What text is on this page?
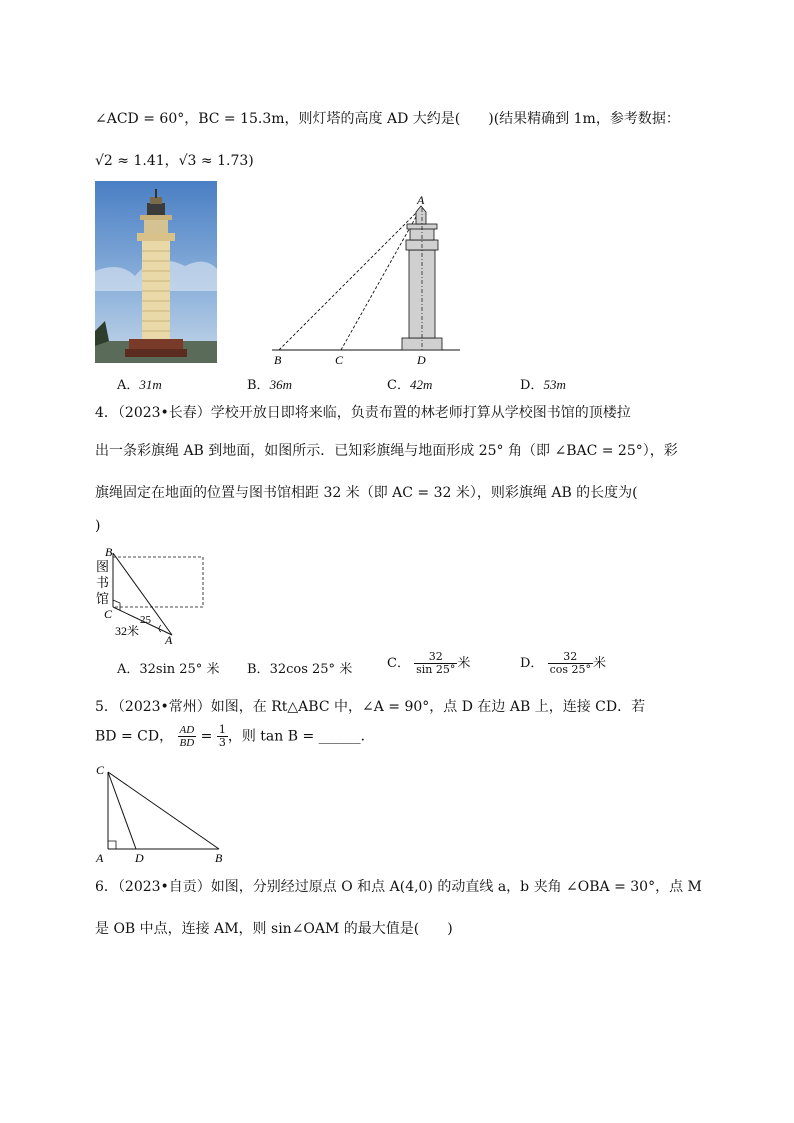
∠ACD = 60°，BC = 15.3m，则灯塔的高度 AD 大约是(　　)(结果精确到 1m，参考数据：
√2 ≈ 1.41，√3 ≈ 1.73)
A
B	C	D
A．31m	B．36m	C．42m	D．53m
4．（2023•长春）学校开放日即将来临，负责布置的林老师打算从学校图书馆的顶楼拉
出一条彩旗绳 AB 到地面，如图所示．已知彩旗绳与地面形成 25° 角（即 ∠BAC = 25°），彩
旗绳固定在地面的位置与图书馆相距 32 米（即 AC = 32 米），则彩旗绳 AB 的长度为(
)
B
图
书
馆
C
32米
25
A
A．32sin 25° 米 B．32cos 25° 米	C． $\frac{32}{\sin 25^\circ}$ 米	D． $\frac{32}{\cos 25^\circ}$ 米
5．（2023•常州）如图，在 Rt△ABC 中，∠A = 90°，点 D 在边 AB 上，连接 CD．若
BD = CD， $\frac{AD}{BD} = \frac{1}{3}$ ，则 tan B = ______．
C
A	D	B
6．（2023•自贡）如图，分别经过原点 O 和点 A(4,0) 的动直线 a，b 夹角 ∠OBA = 30°，点 M
是 OB 中点，连接 AM，则 sin∠OAM 的最大值是(　　)
